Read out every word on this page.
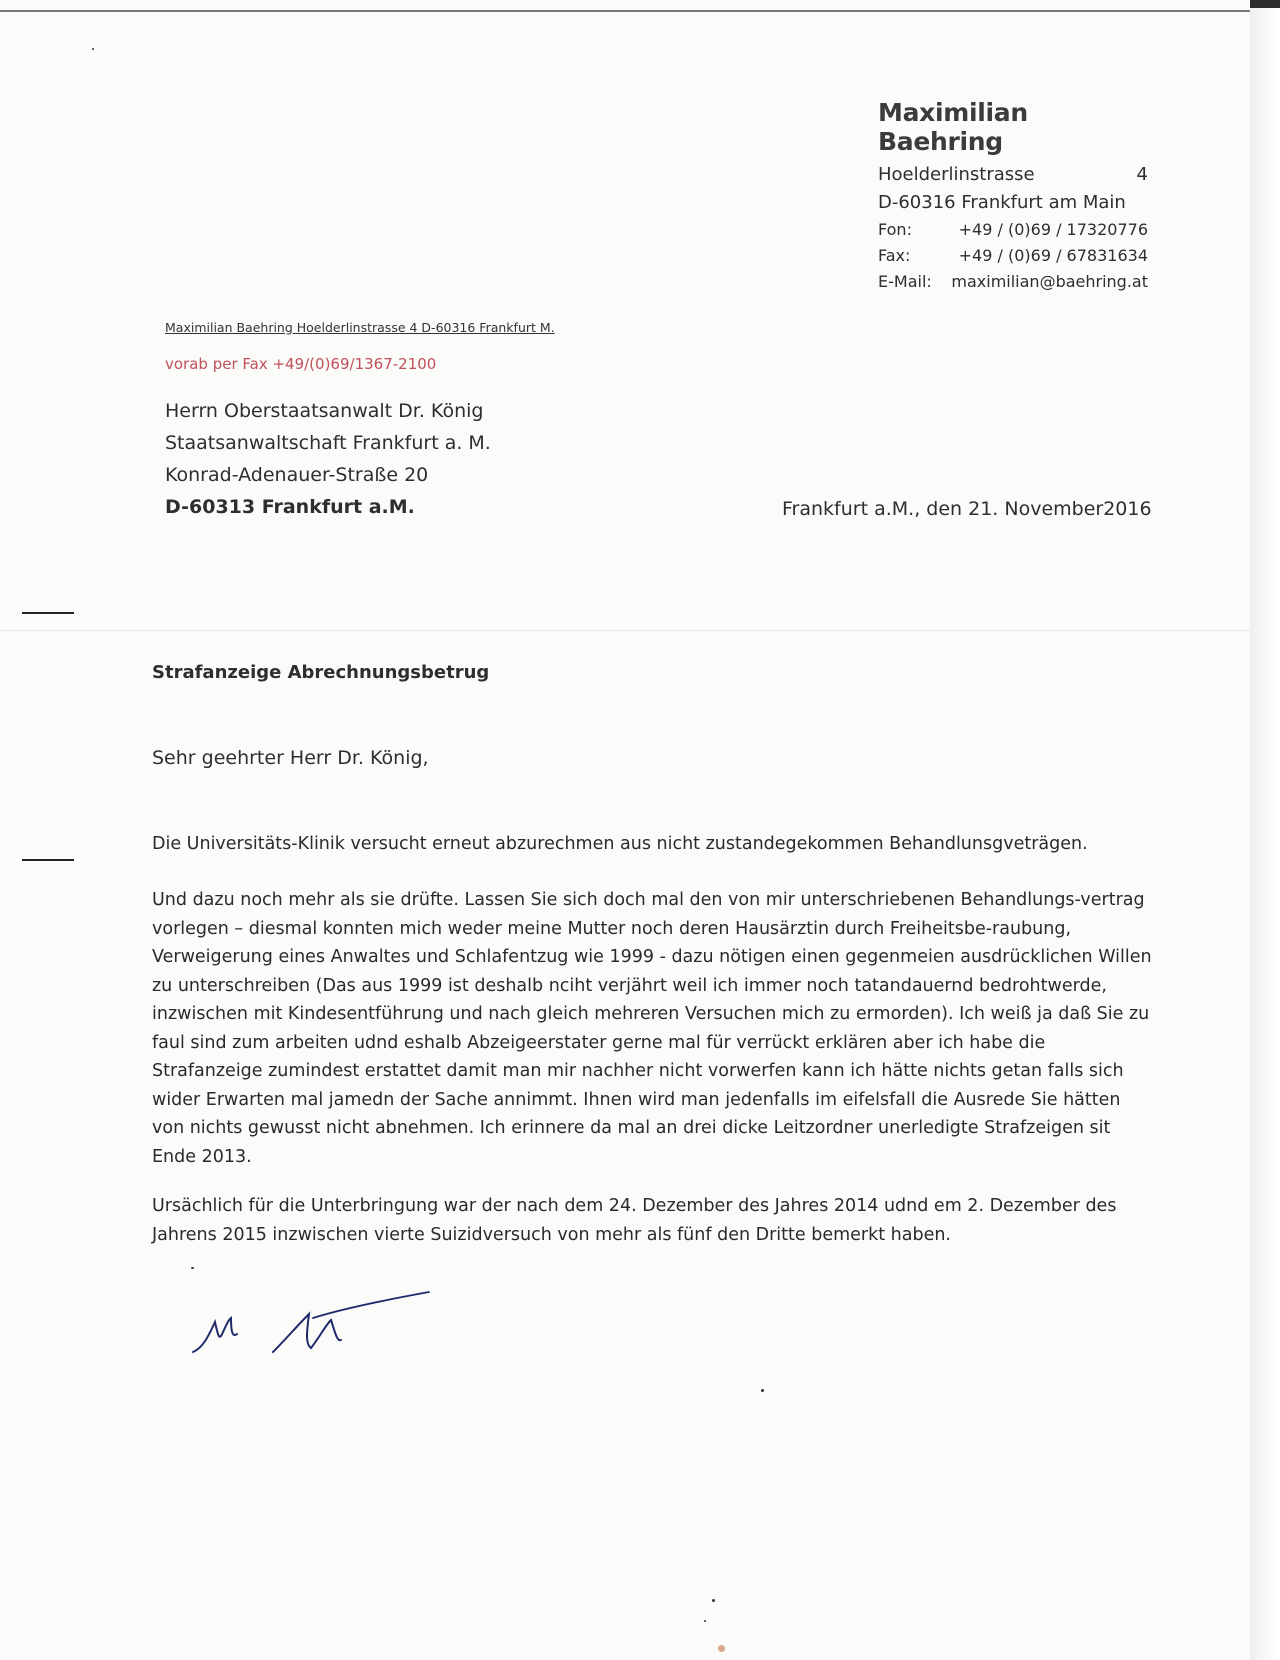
Maximilian Baehring
Hoelderlinstrasse	4
D-60316 Frankfurt am Main
Fon:	+49 / (0)69 / 17320776
Fax:	+49 / (0)69 / 67831634
E-Mail:	maximilian@baehring.at
Maximilian Baehring Hoelderlinstrasse 4 D-60316 Frankfurt M.
vorab per Fax +49/(0)69/1367-2100
Herrn Oberstaatsanwalt Dr. König
Staatsanwaltschaft Frankfurt a. M.
Konrad-Adenauer-Straße 20
D-60313 Frankfurt a.M.	Frankfurt a.M., den 21. November2016
Strafanzeige Abrechnungsbetrug
Sehr geehrter Herr Dr. König,
Die Universitäts-Klinik versucht erneut abzurechmen aus nicht zustandegekommen Behandlunsgveträgen.
Und dazu noch mehr als sie drüfte. Lassen Sie sich doch mal den von mir unterschriebenen Behandlungs-vertrag vorlegen – diesmal konnten mich weder meine Mutter noch deren Hausärztin durch Freiheitsbe-raubung, Verweigerung eines Anwaltes und Schlafentzug wie 1999 - dazu nötigen einen gegenmeien ausdrücklichen Willen zu unterschreiben (Das aus 1999 ist deshalb nciht verjährt weil ich immer noch tatandauernd bedrohtwerde, inzwischen mit Kindesentführung und nach gleich mehreren Versuchen mich zu ermorden). Ich weiß ja daß Sie zu faul sind zum arbeiten udnd eshalb Abzeigeerstater gerne mal für verrückt erklären aber ich habe die Strafanzeige zumindest erstattet damit man mir nachher nicht vorwerfen kann ich hätte nichts getan falls sich wider Erwarten mal jamedn der Sache annimmt. Ihnen wird man jedenfalls im eifelsfall die Ausrede Sie hätten von nichts gewusst nicht abnehmen. Ich erinnere da mal an drei dicke Leitzordner unerledigte Strafzeigen sit Ende 2013.
Ursächlich für die Unterbringung war der nach dem 24. Dezember des Jahres 2014 udnd em 2. Dezember des Jahrens 2015 inzwischen vierte Suizidversuch von mehr als fünf den Dritte bemerkt haben.
